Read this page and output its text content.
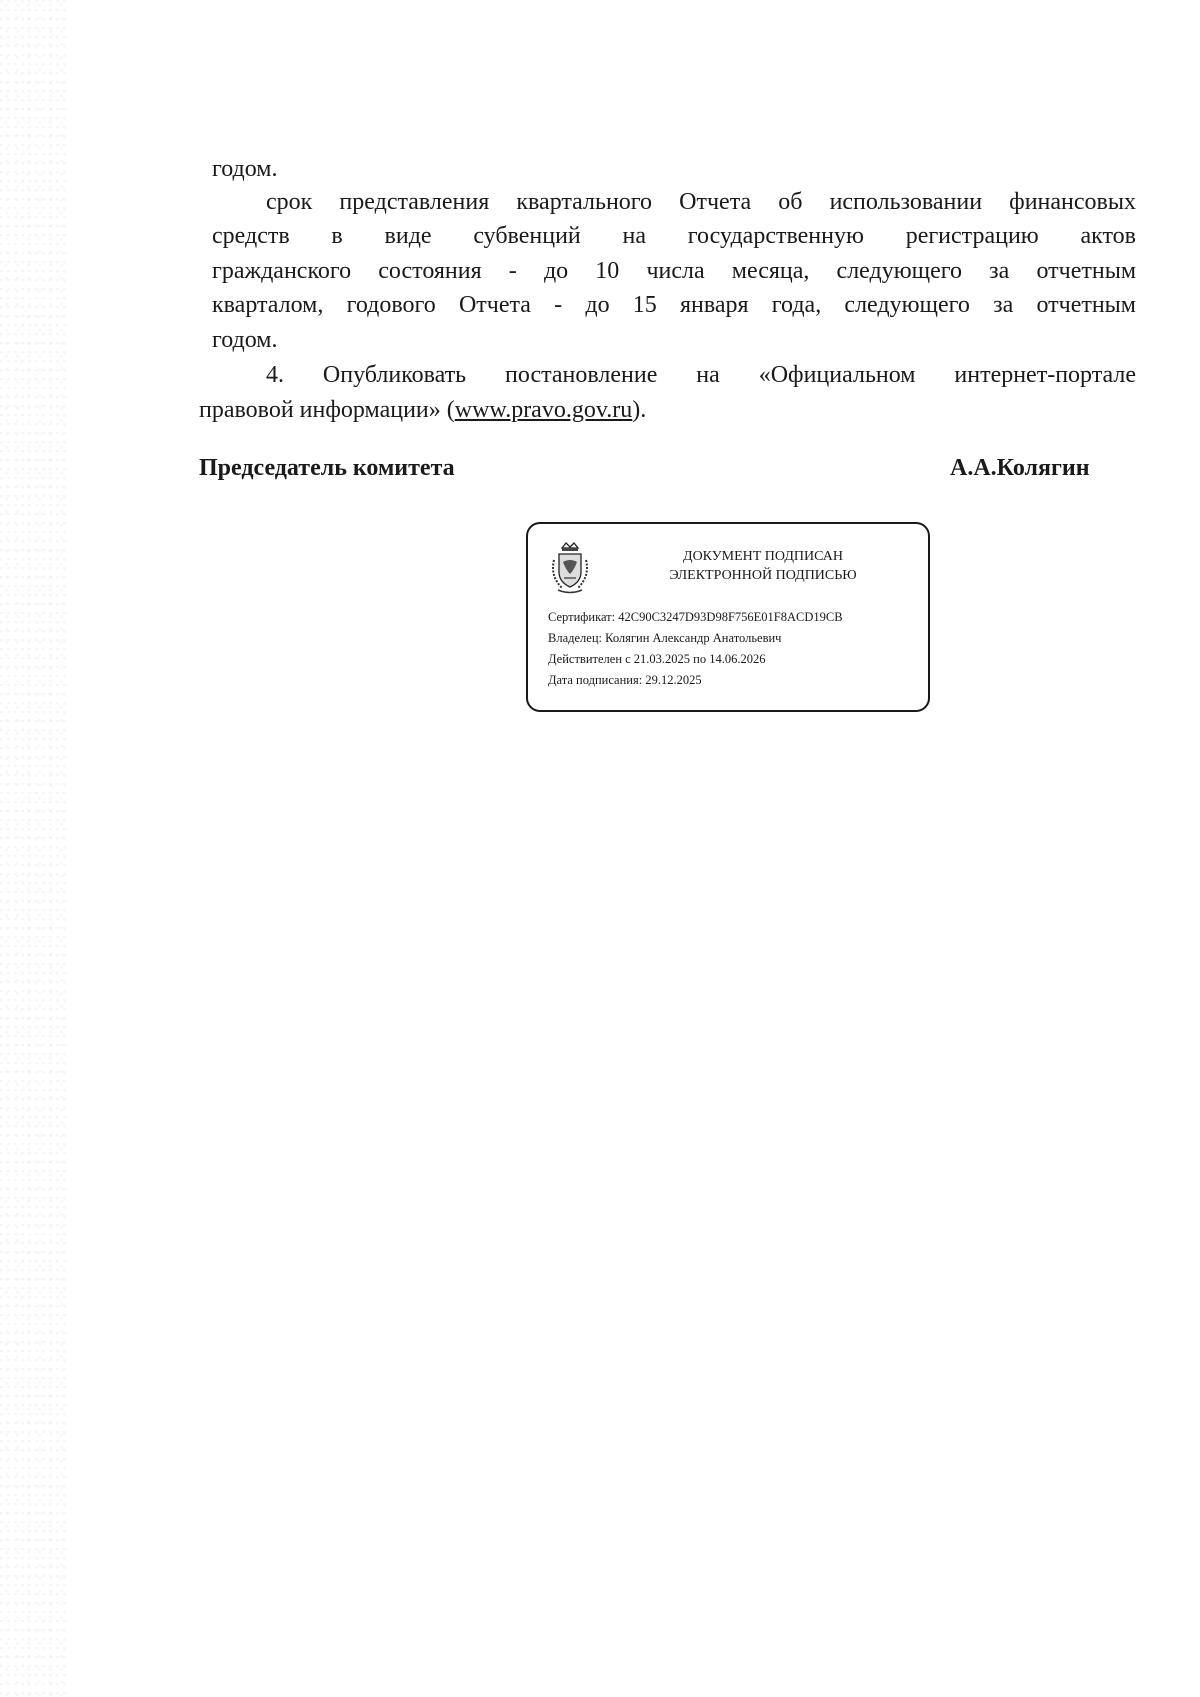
годом.
срок представления квартального Отчета об использовании финансовых
средств в виде субвенций на государственную регистрацию актов
гражданского состояния - до 10 числа месяца, следующего за отчетным
кварталом, годового Отчета - до 15 января года, следующего за отчетным
годом.
4. Опубликовать постановление на «Официальном интернет-портале
правовой информации» (www.pravo.gov.ru).
Председатель комитета	А.А.Колягин
ДОКУМЕНТ ПОДПИСАН
ЭЛЕКТРОННОЙ ПОДПИСЬЮ
Сертификат: 42C90C3247D93D98F756E01F8ACD19CB
Владелец: Колягин Александр Анатольевич
Действителен с 21.03.2025 по 14.06.2026
Дата подписания: 29.12.2025
